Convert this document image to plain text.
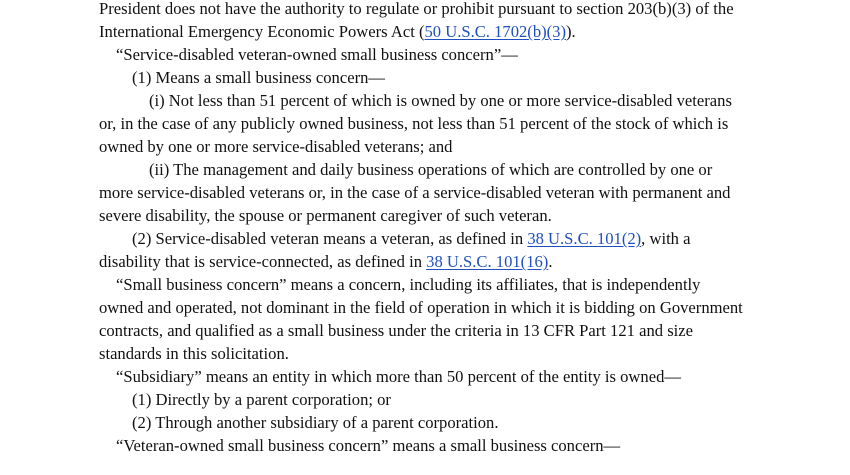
President does not have the authority to regulate or prohibit pursuant to section 203(b)(3) of the
International Emergency Economic Powers Act (50 U.S.C. 1702(b)(3)).
“Service-disabled veteran-owned small business concern”—
(1) Means a small business concern—
(i) Not less than 51 percent of which is owned by one or more service-disabled veterans
or, in the case of any publicly owned business, not less than 51 percent of the stock of which is
owned by one or more service-disabled veterans; and
(ii) The management and daily business operations of which are controlled by one or
more service-disabled veterans or, in the case of a service-disabled veteran with permanent and
severe disability, the spouse or permanent caregiver of such veteran.
(2) Service-disabled veteran means a veteran, as defined in 38 U.S.C. 101(2), with a
disability that is service-connected, as defined in 38 U.S.C. 101(16).
“Small business concern” means a concern, including its affiliates, that is independently
owned and operated, not dominant in the field of operation in which it is bidding on Government
contracts, and qualified as a small business under the criteria in 13 CFR Part 121 and size
standards in this solicitation.
“Subsidiary” means an entity in which more than 50 percent of the entity is owned—
(1) Directly by a parent corporation; or
(2) Through another subsidiary of a parent corporation.
“Veteran-owned small business concern” means a small business concern—
